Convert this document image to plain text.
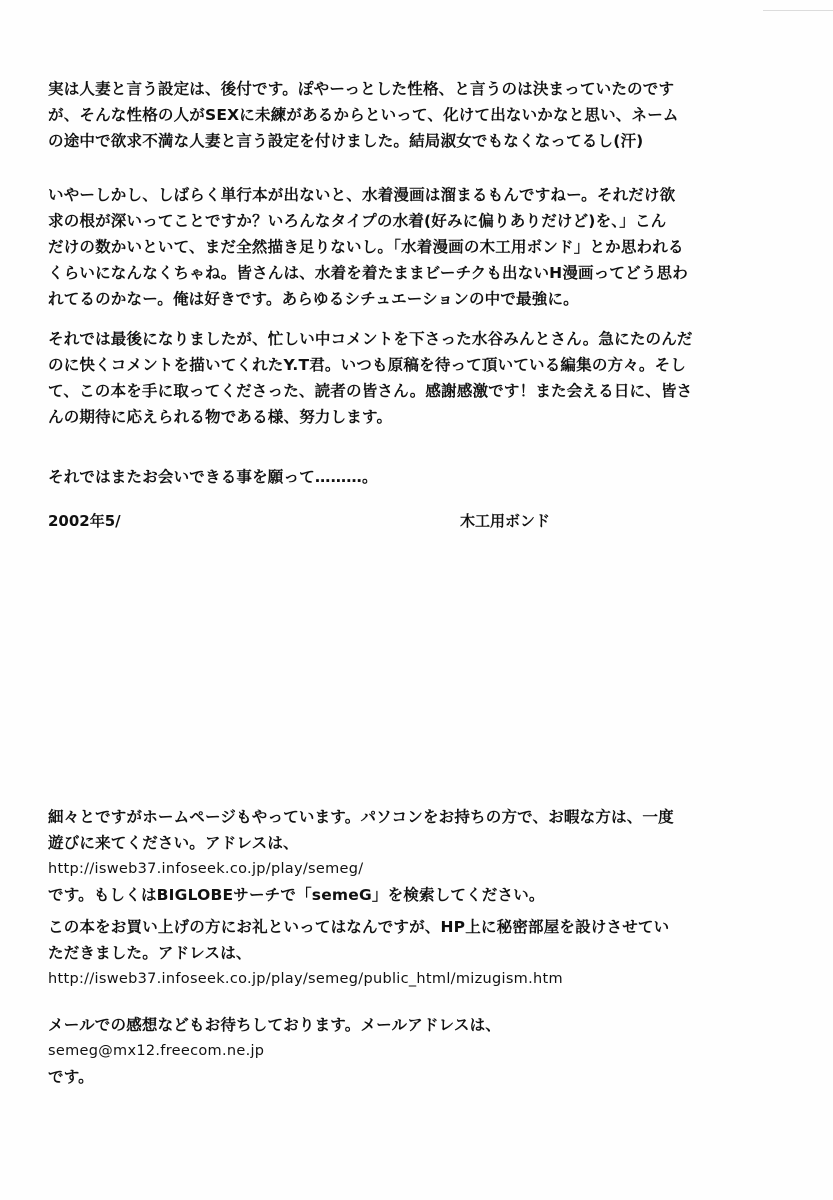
実は人妻と言う設定は、後付です。ぽやーっとした性格、と言うのは決まっていたのです

が、そんな性格の人がSEXに未練があるからといって、化けて出ないかなと思い、ネーム

の途中で欲求不満な人妻と言う設定を付けました。結局淑女でもなくなってるし(汗)

いやーしかし、しばらく単行本が出ないと、水着漫画は溜まるもんですねー。それだけ欲

求の根が深いってことですか？いろんなタイプの水着(好みに偏りありだけど)を、」こん

だけの数かいといて、まだ全然描き足りないし。「水着漫画の木工用ボンド」とか思われる

くらいになんなくちゃね。皆さんは、水着を着たままビーチクも出ないH漫画ってどう思わ

れてるのかなー。俺は好きです。あらゆるシチュエーションの中で最強に。

それでは最後になりましたが、忙しい中コメントを下さった水谷みんとさん。急にたのんだ

のに快くコメントを描いてくれたY.T君。いつも原稿を待って頂いている編集の方々。そし

て、この本を手に取ってくださった、読者の皆さん。感謝感激です！また会える日に、皆さ

んの期待に応えられる物である様、努力します。

それではまたお会いできる事を願って………。

2002年5/	木工用ボンド

細々とですがホームページもやっています。パソコンをお持ちの方で、お暇な方は、一度

遊びに来てください。アドレスは、

http://isweb37.infoseek.co.jp/play/semeg/

です。もしくはBIGLOBEサーチで「semeG」を検索してください。

この本をお買い上げの方にお礼といってはなんですが、HP上に秘密部屋を設けさせてい

ただきました。アドレスは、

http://isweb37.infoseek.co.jp/play/semeg/public_html/mizugism.htm

メールでの感想などもお待ちしております。メールアドレスは、

semeg@mx12.freecom.ne.jp

です。
